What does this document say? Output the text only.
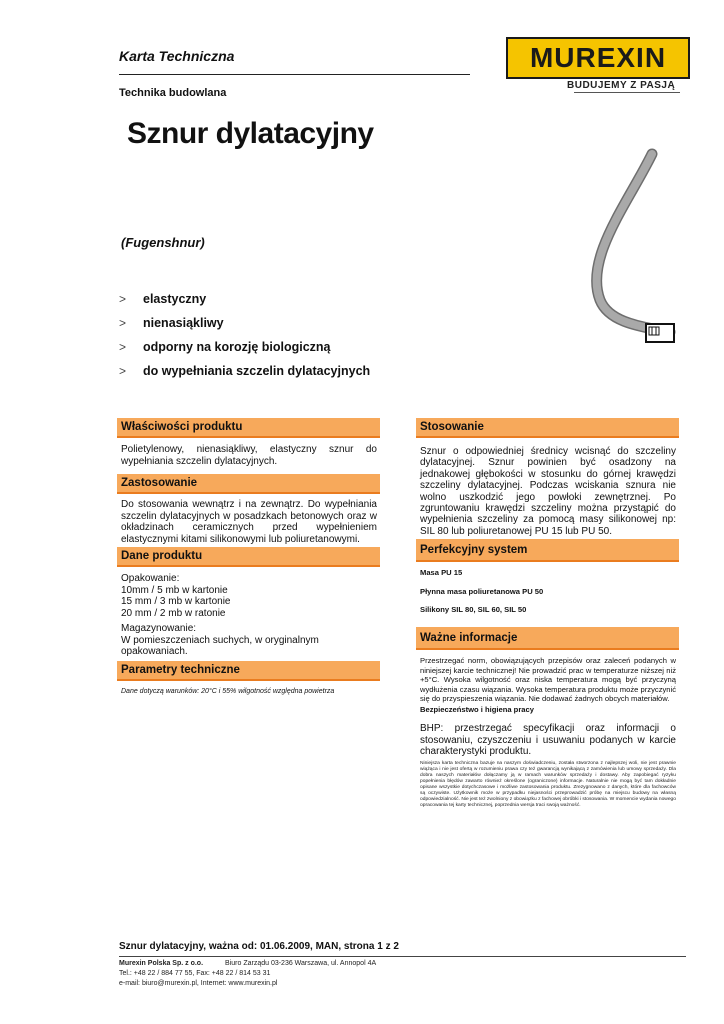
Karta Techniczna
Technika budowlana
MUREXIN
BUDUJEMY Z PASJĄ
Sznur dylatacyjny
(Fugenshnur)
>	elastyczny
>	nienasiąkliwy
>	odporny na korozję biologiczną
>	do wypełniania szczelin dylatacyjnych
Właściwości produktu
Polietylenowy, nienasiąkliwy, elastyczny sznur do wypełniania szczelin dylatacyjnych.
Zastosowanie
Do stosowania wewnątrz i na zewnątrz. Do wypełniania szczelin dylatacyjnych w posadzkach betonowych oraz w okładzinach ceramicznych przed wypełnieniem elastycznymi kitami silikonowymi lub poliuretanowymi.
Dane produktu
Opakowanie:
10mm / 5 mb w kartonie
15 mm / 3 mb w kartonie
20 mm / 2 mb w ratonie
Magazynowanie:
W pomieszczeniach suchych, w oryginalnym
opakowaniach.
Parametry techniczne
Dane dotyczą warunków: 20°C i 55% wilgotność względna powietrza
Stosowanie
Sznur o odpowiedniej średnicy wcisnąć do szczeliny dylatacyjnej. Sznur powinien być osadzony na jednakowej głębokości w stosunku do górnej krawędzi szczeliny dylatacyjnej. Podczas wciskania sznura nie wolno uszkodzić jego powłoki zewnętrznej. Po zgruntowaniu krawędzi szczeliny można przystąpić do wypełnienia szczeliny za pomocą masy silikonowej np: SIL 80 lub poliuretanowej PU 15 lub PU 50.
Perfekcyjny system
Masa PU 15
Płynna masa poliuretanowa PU 50
Silikony SIL 80, SIL 60, SIL 50
Ważne informacje
Przestrzegać norm, obowiązujących przepisów oraz zaleceń podanych w niniejszej karcie technicznej! Nie prowadzić prac w temperaturze niższej niż +5°C. Wysoka wilgotność oraz niska temperatura mogą być przyczyną wydłużenia czasu wiązania. Wysoka temperatura produktu może przyczynić się do przyspieszenia wiązania. Nie dodawać żadnych obcych materiałów.
Bezpieczeństwo i higiena pracy
BHP: przestrzegać specyfikacji oraz informacji o stosowaniu, czyszczeniu i usuwaniu podanych w karcie charakterystyki produktu.
Niniejsza karta techniczna bazuje na naszym doświadczeniu, została stworzona z najlepszej woli, nie jest prawnie wiążąca i nie jest ofertą w rozumieniu prawa czy też gwarancją wynikającą z zamówienia lub umowy sprzedaży. Dla dobra naszych materiałów dołączamy ją w ramach warunków sprzedaży i dostawy. Aby zapobiegać ryzyku popełnienia błędów zawarto również określone (ograniczone) informacje. Naturalnie nie mogą być tam dokładnie opisane wszystkie dotychczasowe i możliwe zastosowania produktu. Zrezygnowano z danych, które dla fachowców są oczywiste. Użytkownik może w przypadku niejasności przeprowadzić próbę na miejscu budowy na własną odpowiedzialność. Nie jest też zwolniony z obowiązku z fachowej obróbki i stosowania. W momencie wydania nowego opracowania tej karty technicznej, poprzednia wersja traci swoją ważność.
Sznur dylatacyjny, ważna od: 01.06.2009, MAN, strona 1 z 2
Murexin Polska Sp. z o.o.	Biuro Zarządu 03-236 Warszawa, ul. Annopol 4A
Tel.: +48 22 / 884 77 55, Fax: +48 22 / 814 53 31
e-mail: biuro@murexin.pl, Internet: www.murexin.pl
